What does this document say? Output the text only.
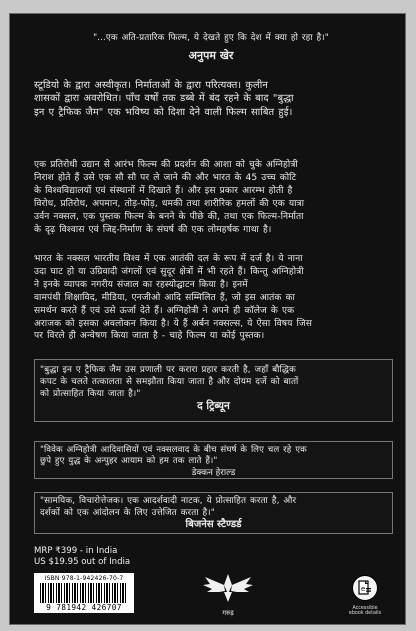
"...एक अति-प्रतारिक फिल्म, ये देखते हुए कि देश में क्या हो रहा है।"
अनुपम खेर
स्टूडियो के द्वारा अस्वीकृत। निर्माताओं के द्वारा परित्यक्त। कुलीन
शासकों द्वारा अवरोधित। पाँच वर्षों तक डब्बे में बंद रहने के बाद "बुद्धा
इन ए ट्रैफिक जैम" एक भविष्य को दिशा देने वाली फिल्म साबित हुई।
एक प्रतिरोधी उद्यान से आरंभ फिल्म की प्रदर्शन की आशा को चुके अग्निहोत्री
निराश होते हैं उसे एक सौ सौ पर ले जाने की और भारत के 45 उच्च कोटि
के विश्वविद्यालयों एवं संस्थानों में दिखाते हैं। और इस प्रकार आरम्भ होती है
विरोध, प्रतिरोध, अपमान, तोड़-फोड़, धमकी तथा शारीरिक हमलों की एक यात्रा
उर्वन नक्सल, एक पुस्तक फिल्म के बनने के पीछे की, तथा एक फिल्म-निर्माता
के दृढ़ विश्वास एवं जिद्द-निर्माण के संघर्ष की एक लोमहर्षक गाथा है।
भारत के नक्सल भारतीय विश्व में एक आतंकी दल के रूप में दर्ज है। ये नाना
उदा घाट हो या उग्रिवादी जंगलों एवं सुदूर क्षेत्रों में भी रहते हैं। किन्तु अग्निहोत्री
ने इनके व्यापक नगरीय संजाल का रहस्योद्घाटन किया है। इनमें
वामपंथी शिक्षाविद, मीडिया, एनजीओ आदि सम्मिलित हैं, जो इस आतंक का
समर्थन करते हैं एवं उसे ऊर्जा देते हैं। अग्निहोत्री ने अपने ही कॉलेज के एक
अराजक को इसका अवलोकन किया है। ये हैं अर्बन नक्सल्स, ये ऐसा विषय जिस
पर विरले ही अन्वेषण किया जाता है - चाहे फिल्म या कोई पुस्तक।
"बुद्धा इन ए ट्रैफिक जैम उस प्रणाली पर करारा प्रहार करती है, जहाँ बौद्धिक
कपट के चलते तत्कालता से समझौता किया जाता है और दोयम दर्जे को बातों
को प्रोत्साहित किया जाता है।"
द ट्रिब्यून
"विवेक अग्निहोत्री आदिवासियों एवं नक्सलवाद के बीच संघर्ष के लिए चल रहे एक
छुपे हुए युद्ध के अन्पुहर आयाम को हम तक लाते हैं।"
डेक्कन हेराल्ड
"सामयिक, विचारोत्तेजक। एक आदर्शवादी नाटक, ये प्रोत्साहित करता है, और
दर्शकों को एक आंदोलन के लिए उत्तेजित करता है।"
बिजनेस स्टैण्डर्ड
MRP ₹399 - in India
US $19.95 out of India
ISBN 978-1-942426-70-7
9 781942 426707
गरुड़
e
Accessible
ebook details
